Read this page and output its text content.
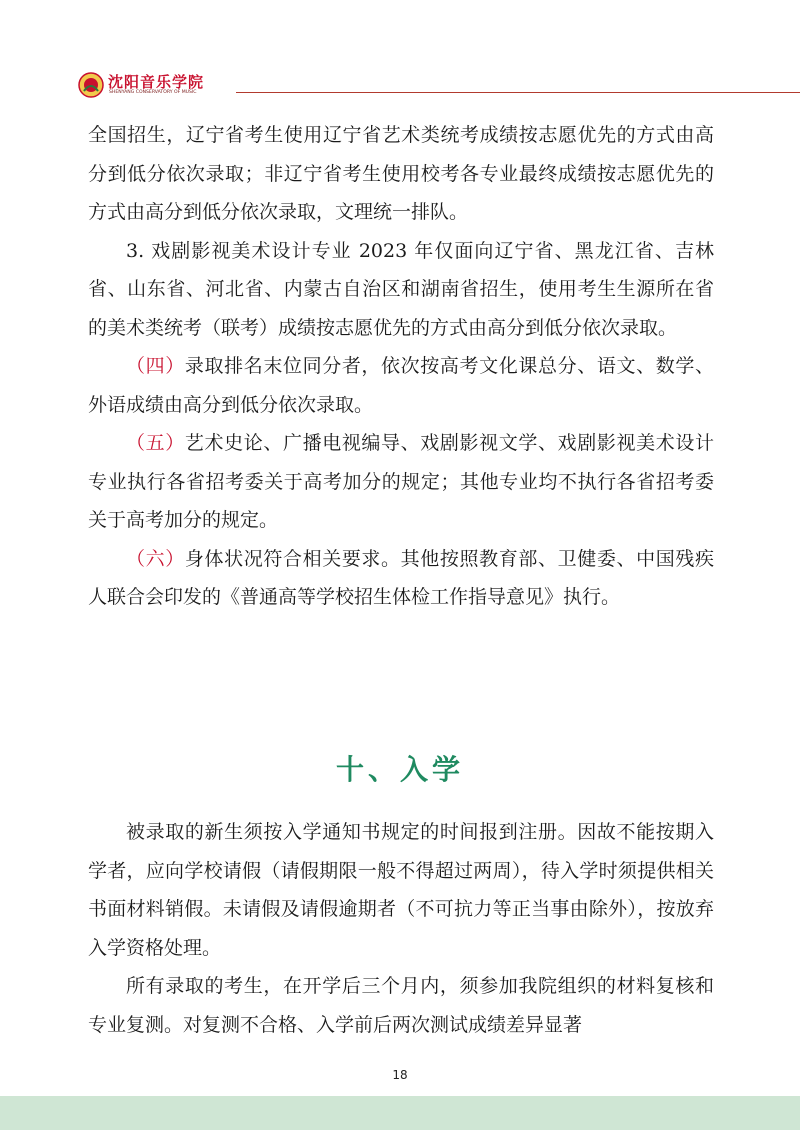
沈阳音乐学院
SHENYANG CONSERVATORY OF MUSIC

全国招生，辽宁省考生使用辽宁省艺术类统考成绩按志愿优先的方式由高分到低分依次录取；非辽宁省考生使用校考各专业最终成绩按志愿优先的方式由高分到低分依次录取，文理统一排队。

3. 戏剧影视美术设计专业 2023 年仅面向辽宁省、黑龙江省、吉林省、山东省、河北省、内蒙古自治区和湖南省招生，使用考生生源所在省的美术类统考（联考）成绩按志愿优先的方式由高分到低分依次录取。

（四）录取排名末位同分者，依次按高考文化课总分、语文、数学、外语成绩由高分到低分依次录取。

（五）艺术史论、广播电视编导、戏剧影视文学、戏剧影视美术设计专业执行各省招考委关于高考加分的规定；其他专业均不执行各省招考委关于高考加分的规定。

（六）身体状况符合相关要求。其他按照教育部、卫健委、中国残疾人联合会印发的《普通高等学校招生体检工作指导意见》执行。

十、入学

被录取的新生须按入学通知书规定的时间报到注册。因故不能按期入学者，应向学校请假（请假期限一般不得超过两周），待入学时须提供相关书面材料销假。未请假及请假逾期者（不可抗力等正当事由除外），按放弃入学资格处理。

所有录取的考生，在开学后三个月内，须参加我院组织的材料复核和专业复测。对复测不合格、入学前后两次测试成绩差异显著

18
